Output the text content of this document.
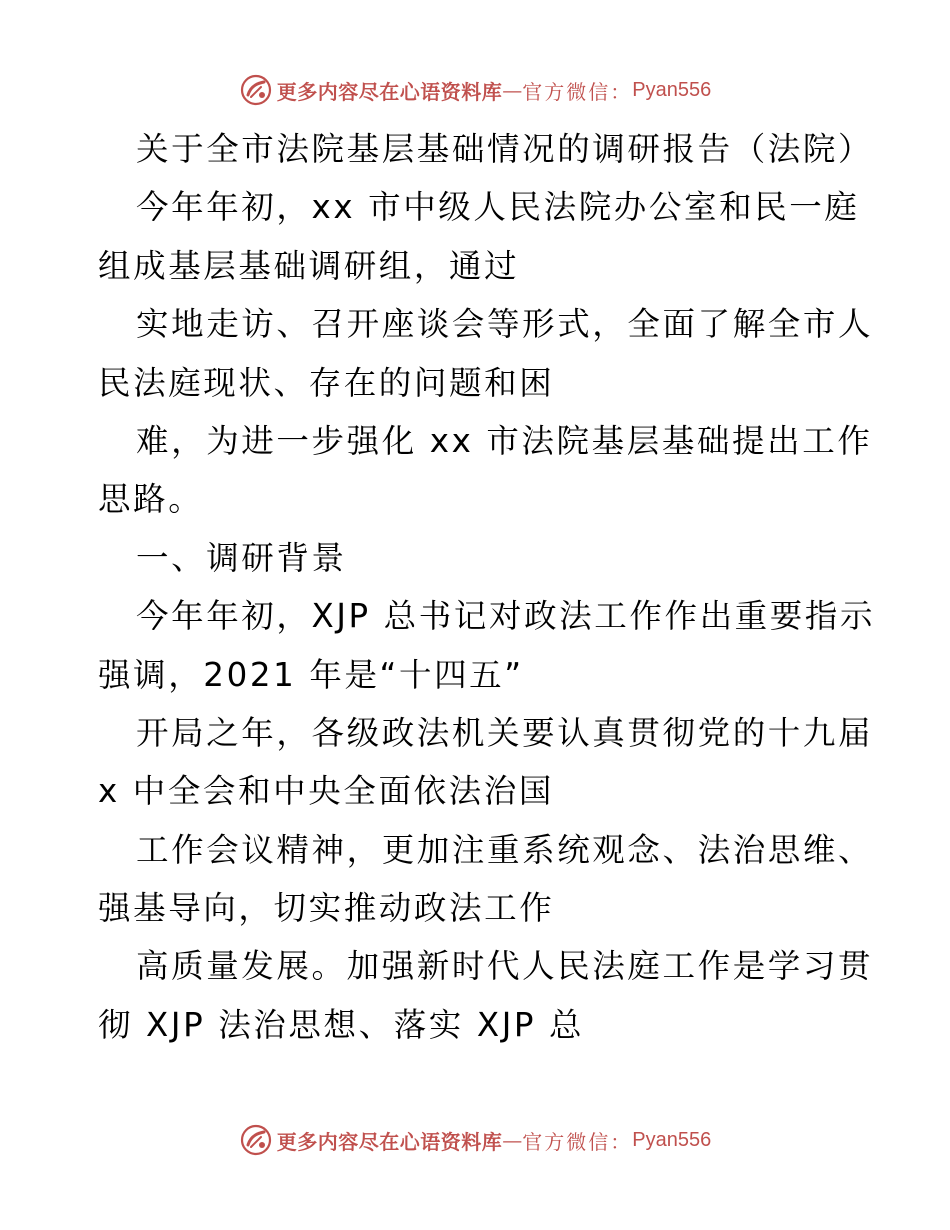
更多内容尽在心语资料库 — 官方微信： Pyan556
关于全市法院基层基础情况的调研报告（法院）
今年年初，xx 市中级人民法院办公室和民一庭
组成基层基础调研组，通过
实地走访、召开座谈会等形式，全面了解全市人
民法庭现状、存在的问题和困
难，为进一步强化 xx 市法院基层基础提出工作
思路。
一、调研背景
今年年初，XJP 总书记对政法工作作出重要指示
强调，2021 年是“十四五”
开局之年，各级政法机关要认真贯彻党的十九届
x 中全会和中央全面依法治国
工作会议精神，更加注重系统观念、法治思维、
强基导向，切实推动政法工作
高质量发展。加强新时代人民法庭工作是学习贯
彻 XJP 法治思想、落实 XJP 总
更多内容尽在心语资料库 — 官方微信： Pyan556
